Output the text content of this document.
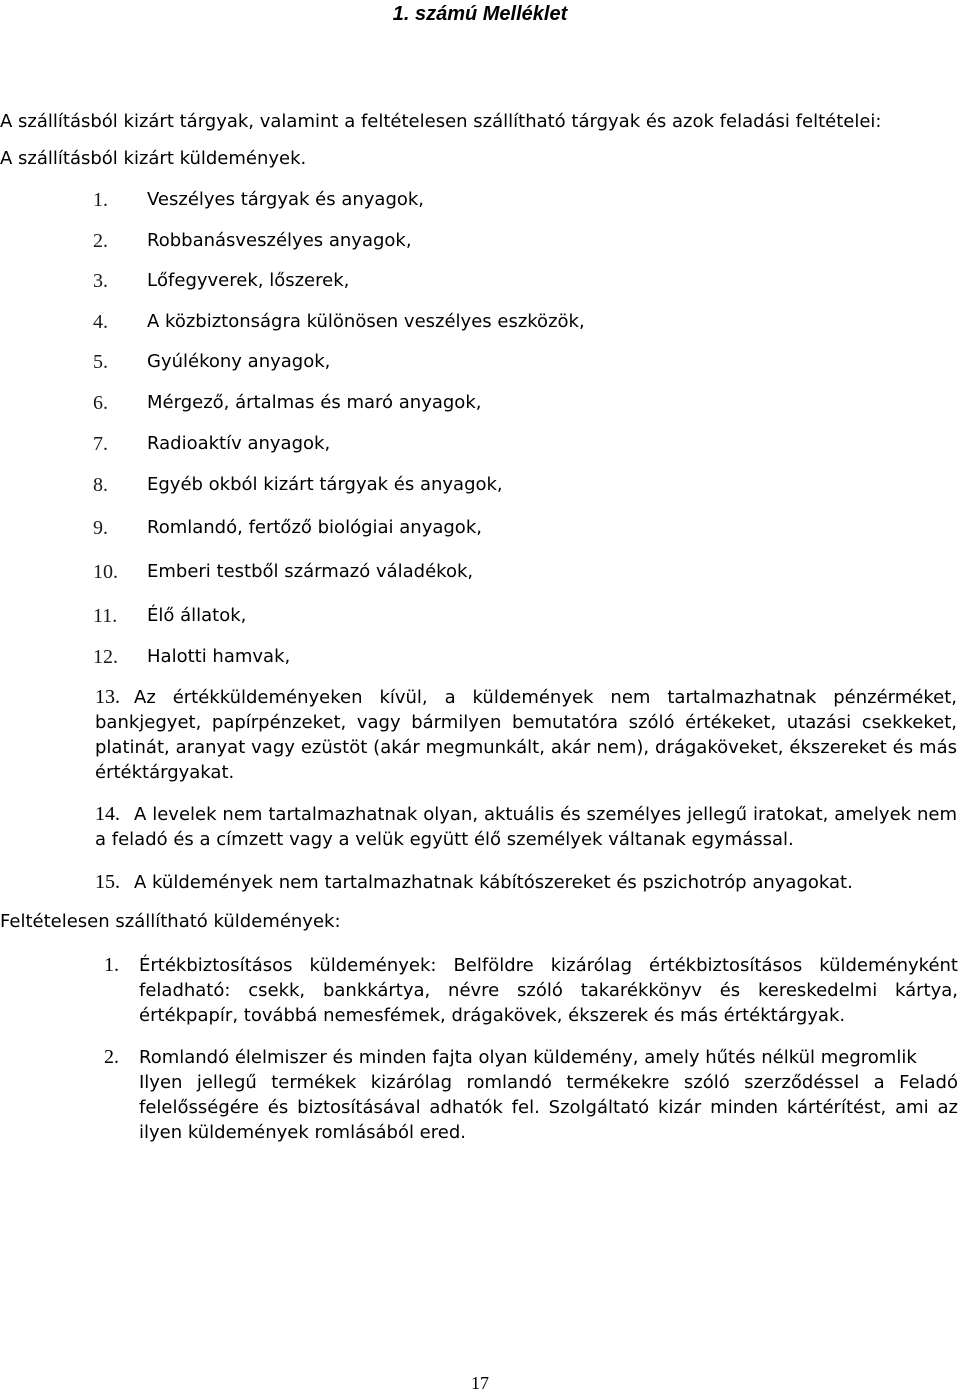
1. számú Melléklet
A szállításból kizárt tárgyak, valamint a feltételesen szállítható tárgyak és azok feladási feltételei:
A szállításból kizárt küldemények.
1. Veszélyes tárgyak és anyagok,
2. Robbanásveszélyes anyagok,
3. Lőfegyverek, lőszerek,
4. A közbiztonságra különösen veszélyes eszközök,
5. Gyúlékony anyagok,
6. Mérgező, ártalmas és maró anyagok,
7. Radioaktív anyagok,
8. Egyéb okból kizárt tárgyak és anyagok,
9. Romlandó, fertőző biológiai anyagok,
10. Emberi testből származó váladékok,
11. Élő állatok,
12. Halotti hamvak,
13. Az értékküldeményeken kívül, a küldemények nem tartalmazhatnak pénzérméket, bankjegyet, papírpénzeket, vagy bármilyen bemutatóra szóló értékeket, utazási csekkeket, platinát, aranyat vagy ezüstöt (akár megmunkált, akár nem), drágaköveket, ékszereket és más értéktárgyakat.
14. A levelek nem tartalmazhatnak olyan, aktuális és személyes jellegű iratokat, amelyek nem a feladó és a címzett vagy a velük együtt élő személyek váltanak egymással.
15. A küldemények nem tartalmazhatnak kábítószereket és pszichotróp anyagokat.
Feltételesen szállítható küldemények:
1. Értékbiztosításos küldemények: Belföldre kizárólag értékbiztosításos küldeményként feladható: csekk, bankkártya, névre szóló takarékkönyv és kereskedelmi kártya, értékpapír, továbbá nemesfémek, drágakövek, ékszerek és más értéktárgyak.

2. Romlandó élelmiszer és minden fajta olyan küldemény, amely hűtés nélkül megromlik

Ilyen jellegű termékek kizárólag romlandó termékekre szóló szerződéssel a Feladó felelősségére és biztosításával adhatók fel. Szolgáltató kizár minden kártérítést, ami az ilyen küldemények romlásából ered.

17
